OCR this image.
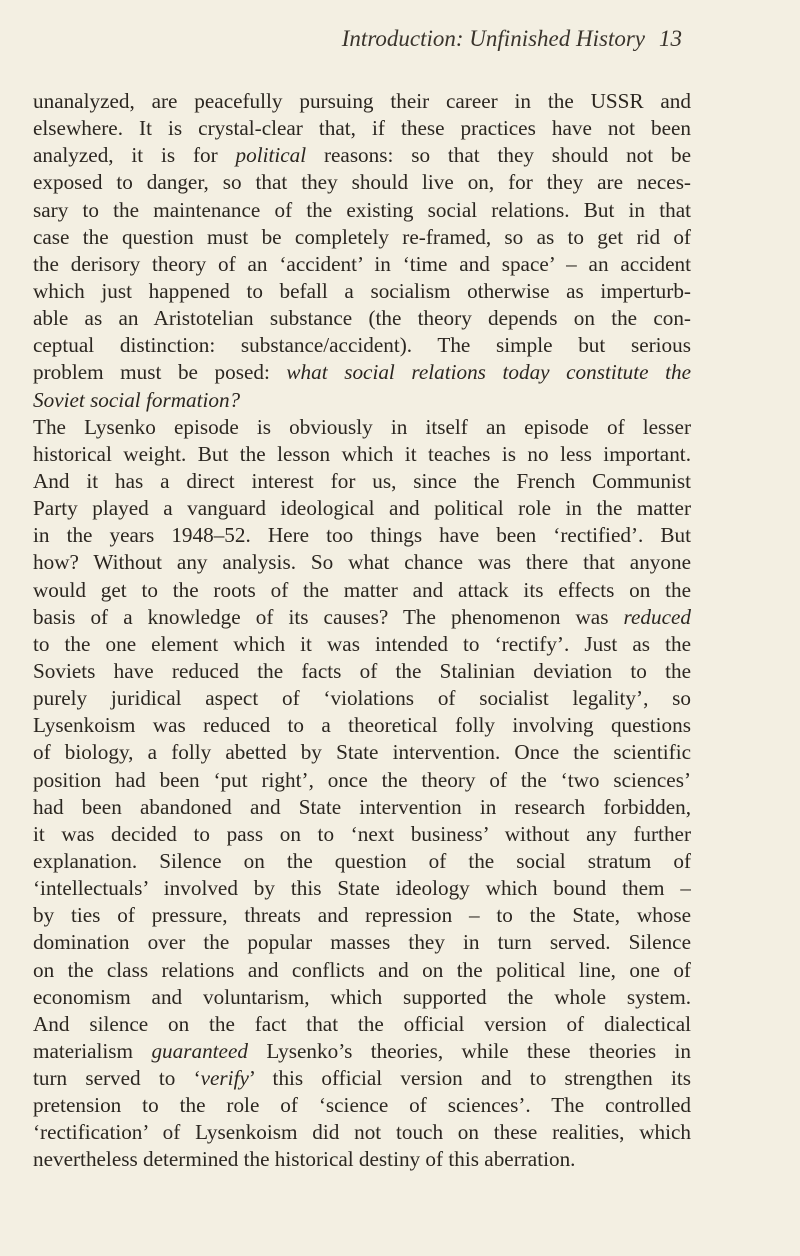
Introduction: Unfinished History 13
unanalyzed, are peacefully pursuing their career in the USSR and
elsewhere. It is crystal-clear that, if these practices have not been
analyzed, it is for political reasons: so that they should not be
exposed to danger, so that they should live on, for they are neces-
sary to the maintenance of the existing social relations. But in that
case the question must be completely re-framed, so as to get rid of
the derisory theory of an ‘accident’ in ‘time and space’ – an accident
which just happened to befall a socialism otherwise as imperturb-
able as an Aristotelian substance (the theory depends on the con-
ceptual distinction: substance/accident). The simple but serious
problem must be posed: what social relations today constitute the
Soviet social formation?
The Lysenko episode is obviously in itself an episode of lesser
historical weight. But the lesson which it teaches is no less important.
And it has a direct interest for us, since the French Communist
Party played a vanguard ideological and political role in the matter
in the years 1948–52. Here too things have been ‘rectified’. But
how? Without any analysis. So what chance was there that anyone
would get to the roots of the matter and attack its effects on the
basis of a knowledge of its causes? The phenomenon was reduced
to the one element which it was intended to ‘rectify’. Just as the
Soviets have reduced the facts of the Stalinian deviation to the
purely juridical aspect of ‘violations of socialist legality’, so
Lysenkoism was reduced to a theoretical folly involving questions
of biology, a folly abetted by State intervention. Once the scientific
position had been ‘put right’, once the theory of the ‘two sciences’
had been abandoned and State intervention in research forbidden,
it was decided to pass on to ‘next business’ without any further
explanation. Silence on the question of the social stratum of
‘intellectuals’ involved by this State ideology which bound them –
by ties of pressure, threats and repression – to the State, whose
domination over the popular masses they in turn served. Silence
on the class relations and conflicts and on the political line, one of
economism and voluntarism, which supported the whole system.
And silence on the fact that the official version of dialectical
materialism guaranteed Lysenko’s theories, while these theories in
turn served to ‘verify’ this official version and to strengthen its
pretension to the role of ‘science of sciences’. The controlled
‘rectification’ of Lysenkoism did not touch on these realities, which
nevertheless determined the historical destiny of this aberration.
